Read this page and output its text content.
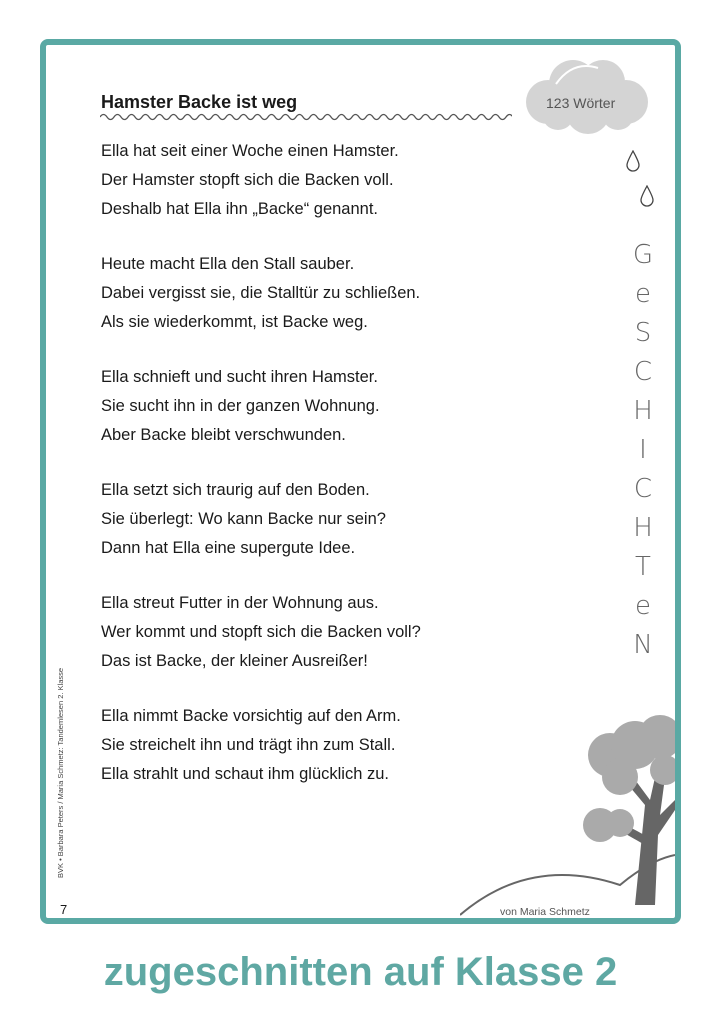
Hamster Backe ist weg	123 Wörter
Ella hat seit einer Woche einen Hamster.
Der Hamster stopft sich die Backen voll.
Deshalb hat Ella ihn „Backe“ genannt.
Heute macht Ella den Stall sauber.
Dabei vergisst sie, die Stalltür zu schließen.
Als sie wiederkommt, ist Backe weg.
Ella schnieft und sucht ihren Hamster.
Sie sucht ihn in der ganzen Wohnung.
Aber Backe bleibt verschwunden.
Ella setzt sich traurig auf den Boden.
Sie überlegt: Wo kann Backe nur sein?
Dann hat Ella eine supergute Idee.
Ella streut Futter in der Wohnung aus.
Wer kommt und stopft sich die Backen voll?
Das ist Backe, der kleiner Ausreißer!
Ella nimmt Backe vorsichtig auf den Arm.
Sie streichelt ihn und trägt ihn zum Stall.
Ella strahlt und schaut ihm glücklich zu.
G
e
S
C
H
I
C
H
T
e
N
BVK • Barbara Peters / Maria Schmetz: Tandemlesen 2. Klasse
7	von Maria Schmetz
zugeschnitten auf Klasse 2
